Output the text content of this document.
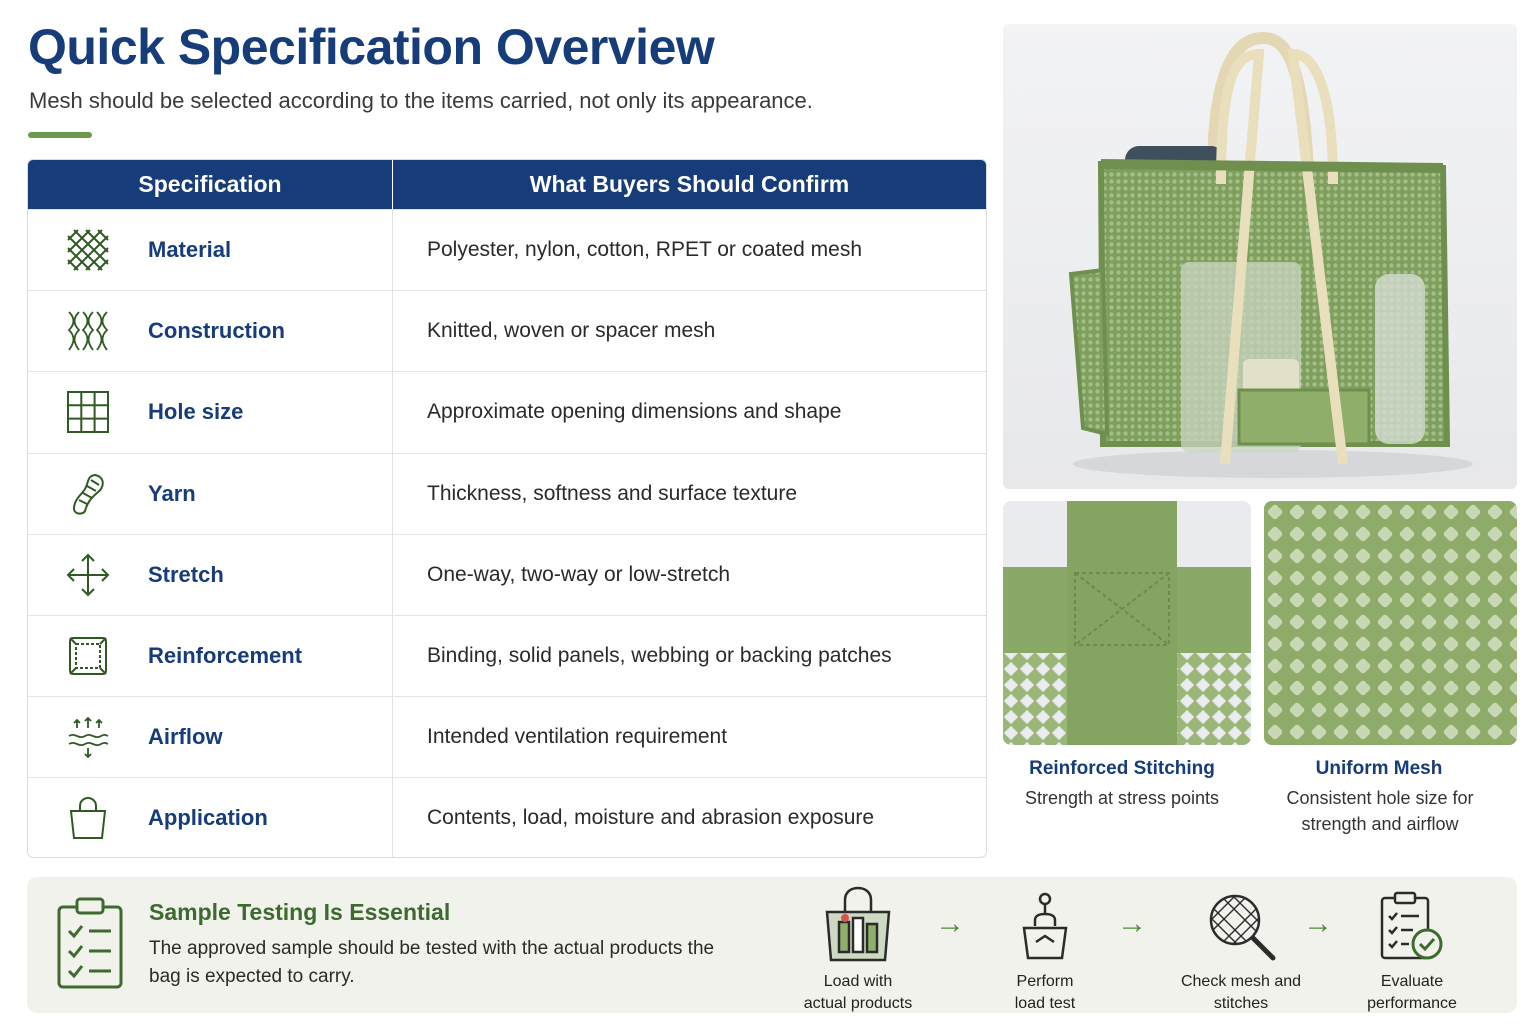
Quick Specification Overview
Mesh should be selected according to the items carried, not only its appearance.
Specification	What Buyers Should Confirm
Material	Polyester, nylon, cotton, RPET or coated mesh
Construction	Knitted, woven or spacer mesh
Hole size	Approximate opening dimensions and shape
Yarn	Thickness, softness and surface texture
Stretch	One-way, two-way or low-stretch
Reinforcement	Binding, solid panels, webbing or backing patches
Airflow	Intended ventilation requirement
Application	Contents, load, moisture and abrasion exposure
Reinforced Stitching
Strength at stress points
Uniform Mesh
Consistent hole size for
strength and airflow
Sample Testing Is Essential
The approved sample should be tested with the actual products the bag is expected to carry.	Load with
actual products
→
Perform
load test
→
Check mesh and
stitches
→
Evaluate
performance
